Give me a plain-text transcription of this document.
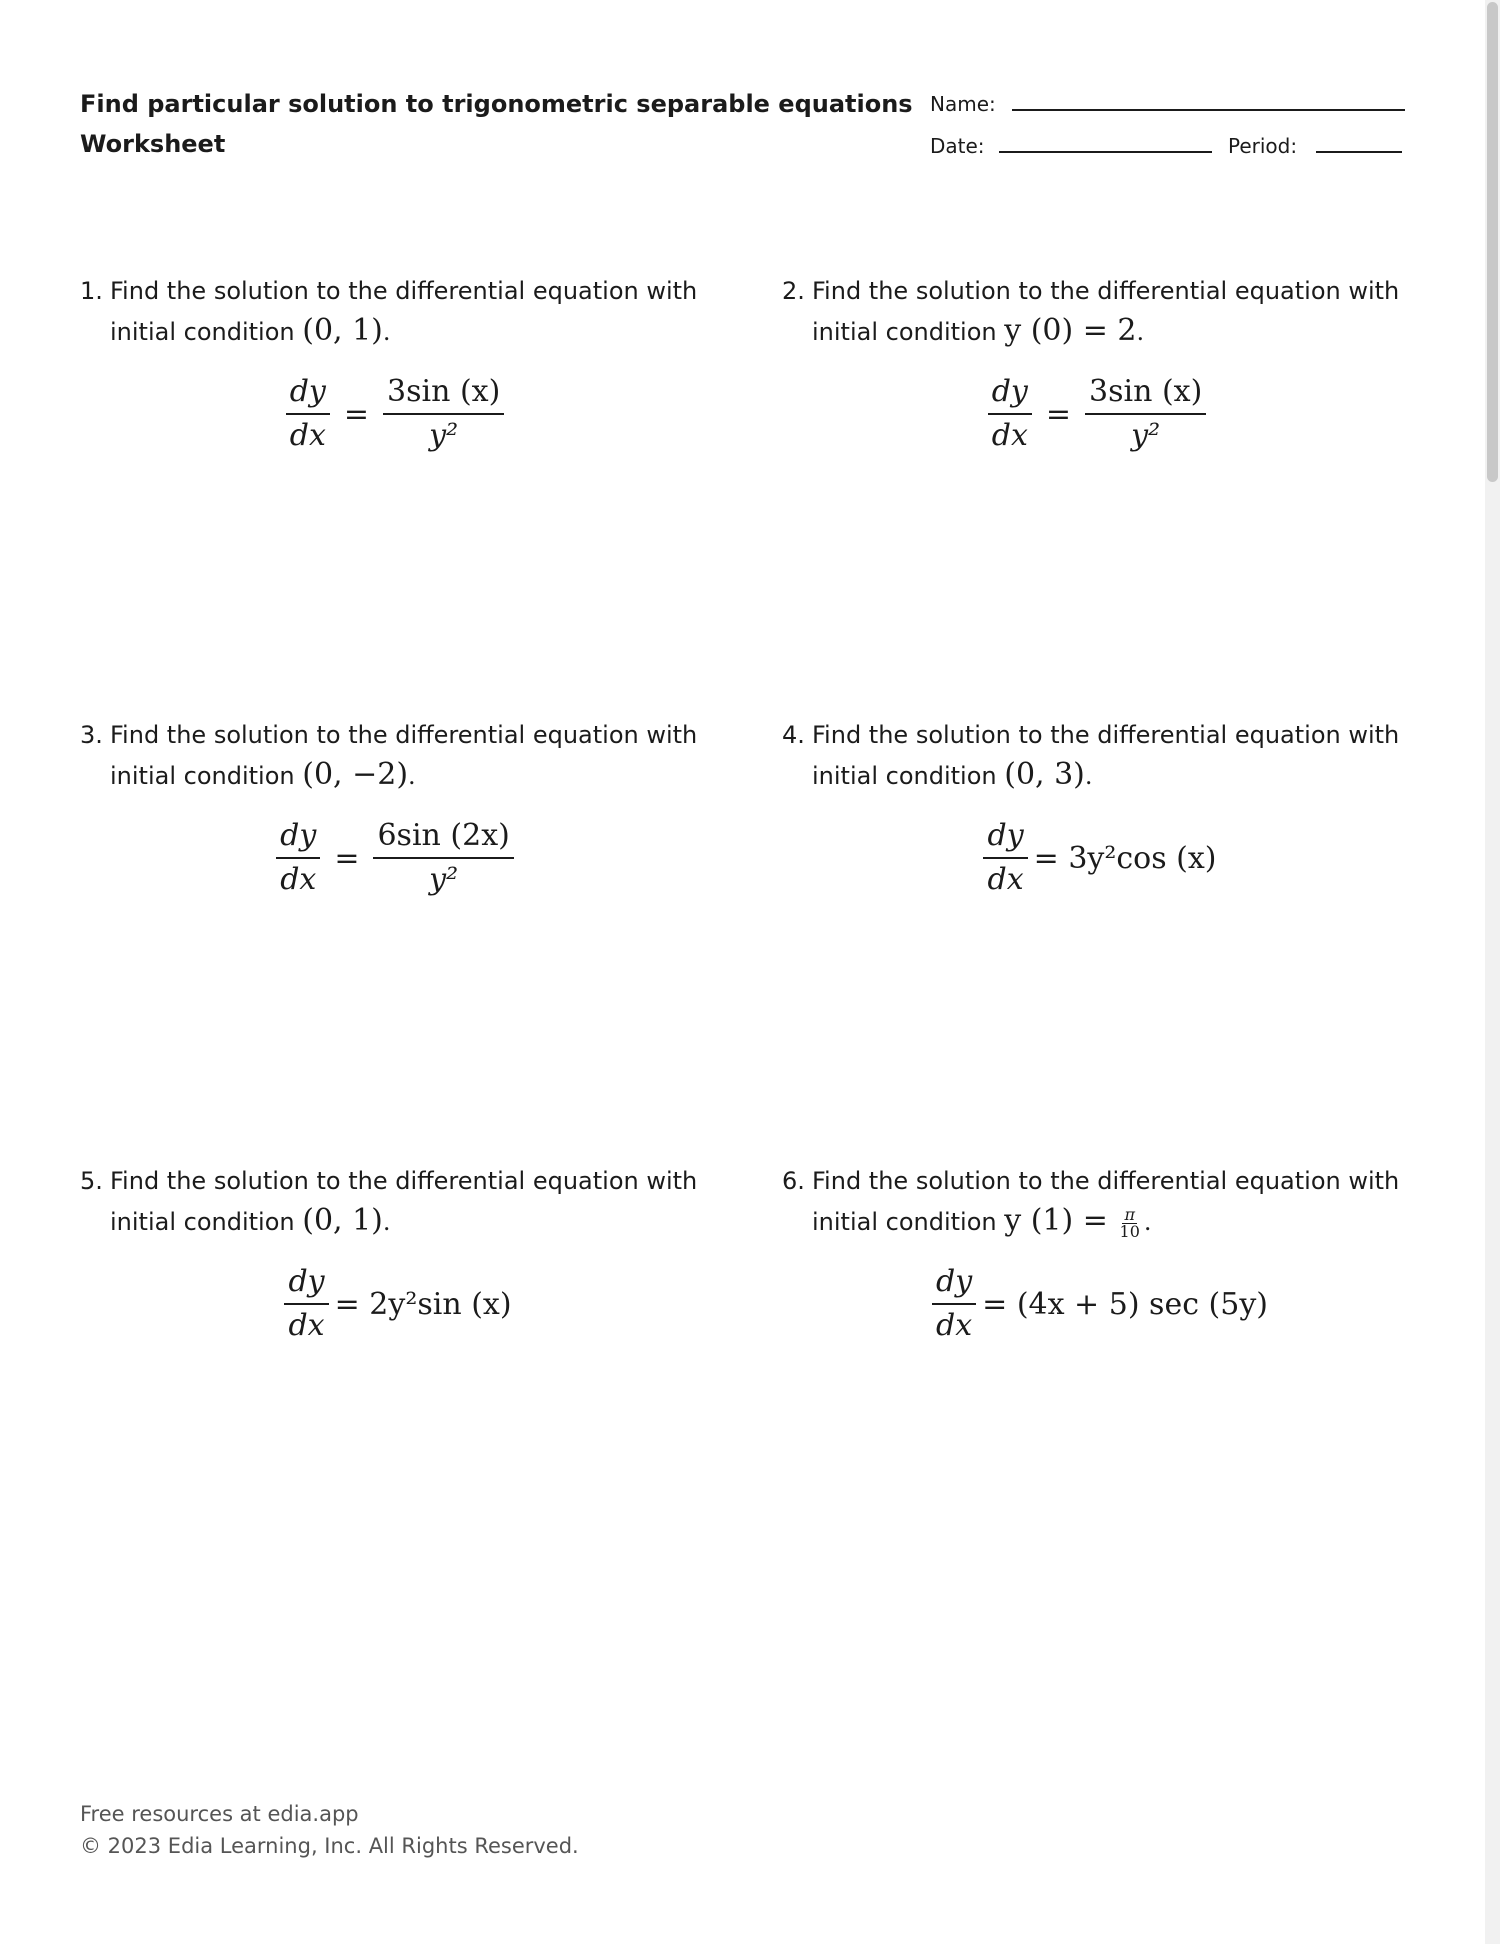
Find particular solution to trigonometric separable equations
Worksheet
Name:
Date:	Period:
1. Find the solution to the differential equation with initial condition (0, 1).
$\frac{dy}{dx} = \frac{3\sin (x)}{\text{y²}}$
2. Find the solution to the differential equation with initial condition y (0) = 2.
$\frac{dy}{dx} = \frac{3\sin (x)}{\text{y²}}$
3. Find the solution to the differential equation with initial condition (0, −2).
$\frac{dy}{dx} = \frac{6\sin (2x)}{\text{y²}}$
4. Find the solution to the differential equation with initial condition (0, 3).
$\frac{dy}{dx} = 3y^2\cos$ (x)
5. Find the solution to the differential equation with initial condition (0, 1).
$\frac{dy}{dx} = 2y^2\sin$ (x)
6. Find the solution to the differential equation with initial condition y $(1) = \frac{\pi}{10}$ .
$\frac{dy}{dx} = (4x + 5)$ sec (5y)
Free resources at edia.app
© 2023 Edia Learning, Inc. All Rights Reserved.
